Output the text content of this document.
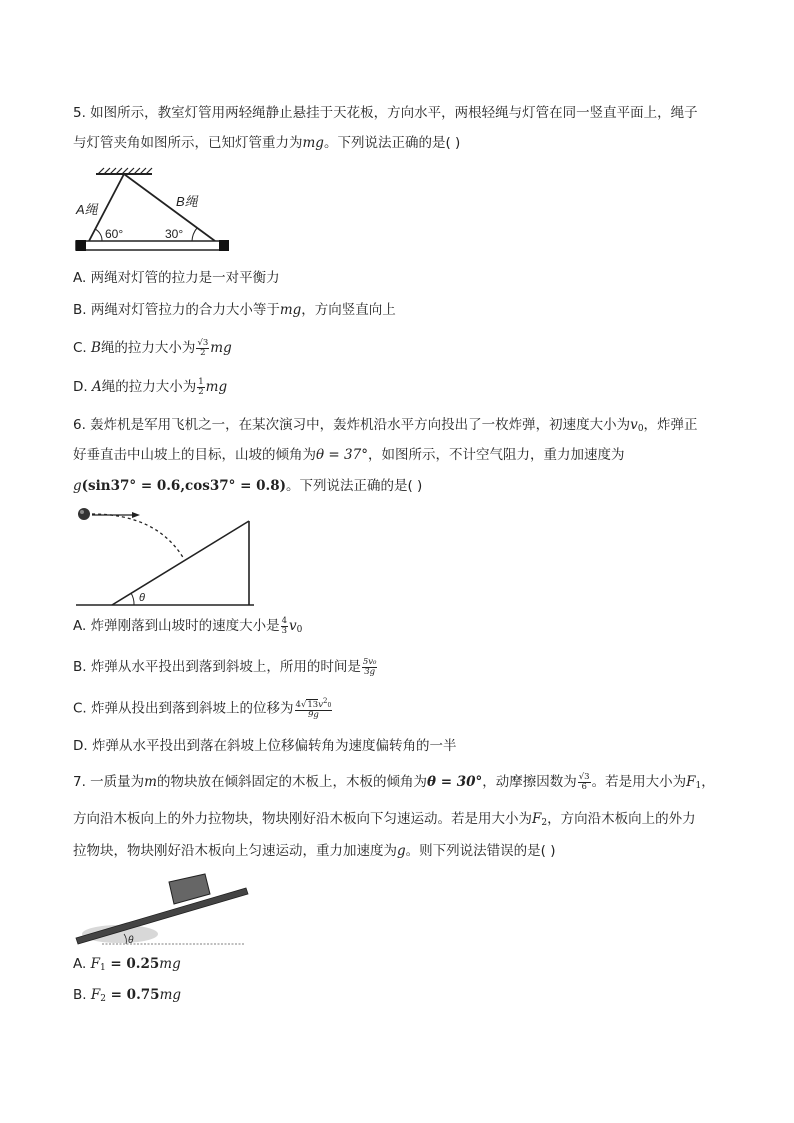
5. 如图所示，教室灯管用两轻绳静止悬挂于天花板，方向水平，两根轻绳与灯管在同一竖直平面上，绳子
与灯管夹角如图所示，已知灯管重力为mg。下列说法正确的是( )
A绳
B绳
60°	30°
A. 两绳对灯管的拉力是一对平衡力
B. 两绳对灯管拉力的合力大小等于mg，方向竖直向上
C. B绳的拉力大小为 $\frac{√3}{2}$ mg
D. A绳的拉力大小为 $\frac{1}{2}$ mg
6. 轰炸机是军用飞机之一，在某次演习中，轰炸机沿水平方向投出了一枚炸弹，初速度大小为$v_0$，炸弹正
好垂直击中山坡上的目标，山坡的倾角为θ = 37°，如图所示，不计空气阻力，重力加速度为
g(sin37° = 0.6,cos37° = 0.8)。下列说法正确的是( )
θ
A. 炸弹刚落到山坡时的速度大小是 $\frac{4}{3} v_0$
B. 炸弹从水平投出到落到斜坡上，所用的时间是 $\frac{\text{5v₀}}{3g}$
C. 炸弹从投出到落到斜坡上的位移为 $\frac{4√13v^20}{9g}$
D. 炸弹从水平投出到落在斜坡上位移偏转角为速度偏转角的一半
7. 一质量为m的物块放在倾斜固定的木板上，木板的倾角为θ = 30°，动摩擦因数为 $\frac{√3}{6}$ 。若是用大小为$F_1$，
方向沿木板向上的外力拉物块，物块刚好沿木板向下匀速运动。若是用大小为$F_2$，方向沿木板向上的外力
拉物块，物块刚好沿木板向上匀速运动，重力加速度为g。则下列说法错误的是( )
θ
A. $F_1 = 0.25mg$
B. $F_2 = 0.75mg$
